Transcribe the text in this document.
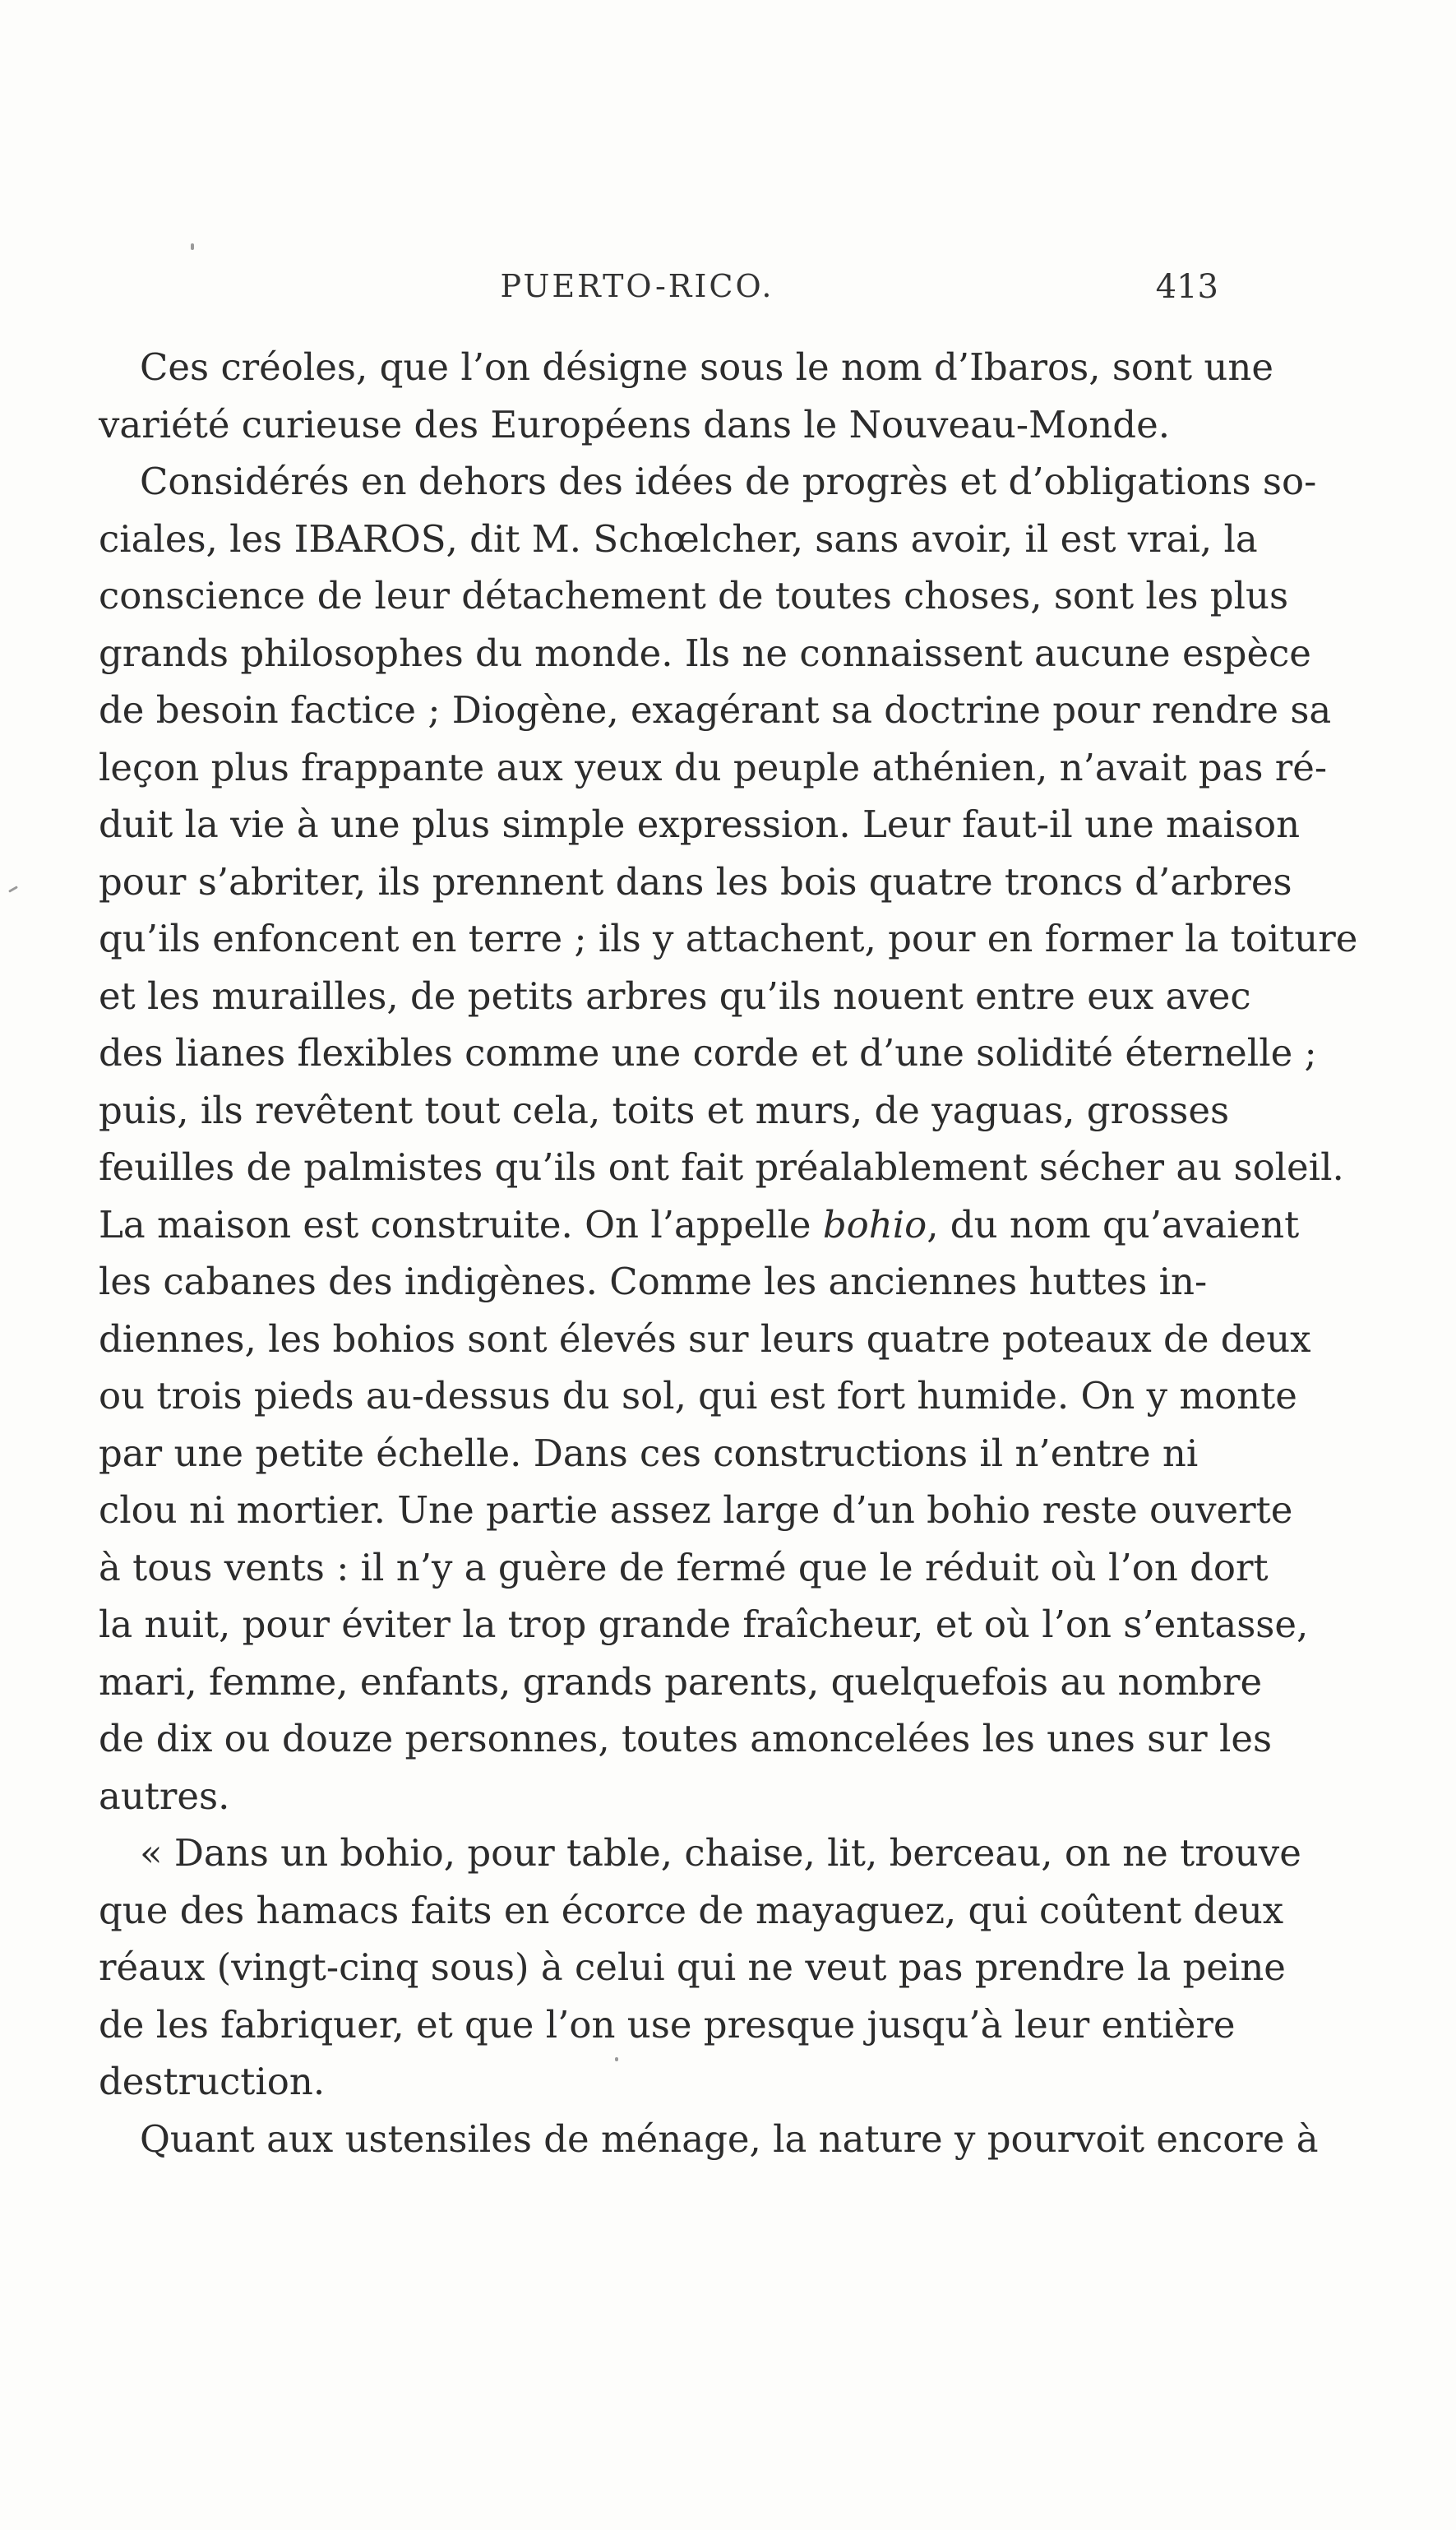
PUERTO-RICO.	413
Ces créoles, que l’on désigne sous le nom d’Ibaros, sont une
variété curieuse des Européens dans le Nouveau-Monde.
Considérés en dehors des idées de progrès et d’obligations so-
ciales, les IBAROS, dit M. Schœlcher, sans avoir, il est vrai, la
conscience de leur détachement de toutes choses, sont les plus
grands philosophes du monde. Ils ne connaissent aucune espèce
de besoin factice ; Diogène, exagérant sa doctrine pour rendre sa
leçon plus frappante aux yeux du peuple athénien, n’avait pas ré-
duit la vie à une plus simple expression. Leur faut-il une maison
pour s’abriter, ils prennent dans les bois quatre troncs d’arbres
qu’ils enfoncent en terre ; ils y attachent, pour en former la toiture
et les murailles, de petits arbres qu’ils nouent entre eux avec
des lianes flexibles comme une corde et d’une solidité éternelle ;
puis, ils revêtent tout cela, toits et murs, de yaguas, grosses
feuilles de palmistes qu’ils ont fait préalablement sécher au soleil.
La maison est construite. On l’appelle bohio, du nom qu’avaient
les cabanes des indigènes. Comme les anciennes huttes in-
diennes, les bohios sont élevés sur leurs quatre poteaux de deux
ou trois pieds au-dessus du sol, qui est fort humide. On y monte
par une petite échelle. Dans ces constructions il n’entre ni
clou ni mortier. Une partie assez large d’un bohio reste ouverte
à tous vents : il n’y a guère de fermé que le réduit où l’on dort
la nuit, pour éviter la trop grande fraîcheur, et où l’on s’entasse,
mari, femme, enfants, grands parents, quelquefois au nombre
de dix ou douze personnes, toutes amoncelées les unes sur les
autres.
« Dans un bohio, pour table, chaise, lit, berceau, on ne trouve
que des hamacs faits en écorce de mayaguez, qui coûtent deux
réaux (vingt-cinq sous) à celui qui ne veut pas prendre la peine
de les fabriquer, et que l’on use presque jusqu’à leur entière
destruction.
Quant aux ustensiles de ménage, la nature y pourvoit encore à
